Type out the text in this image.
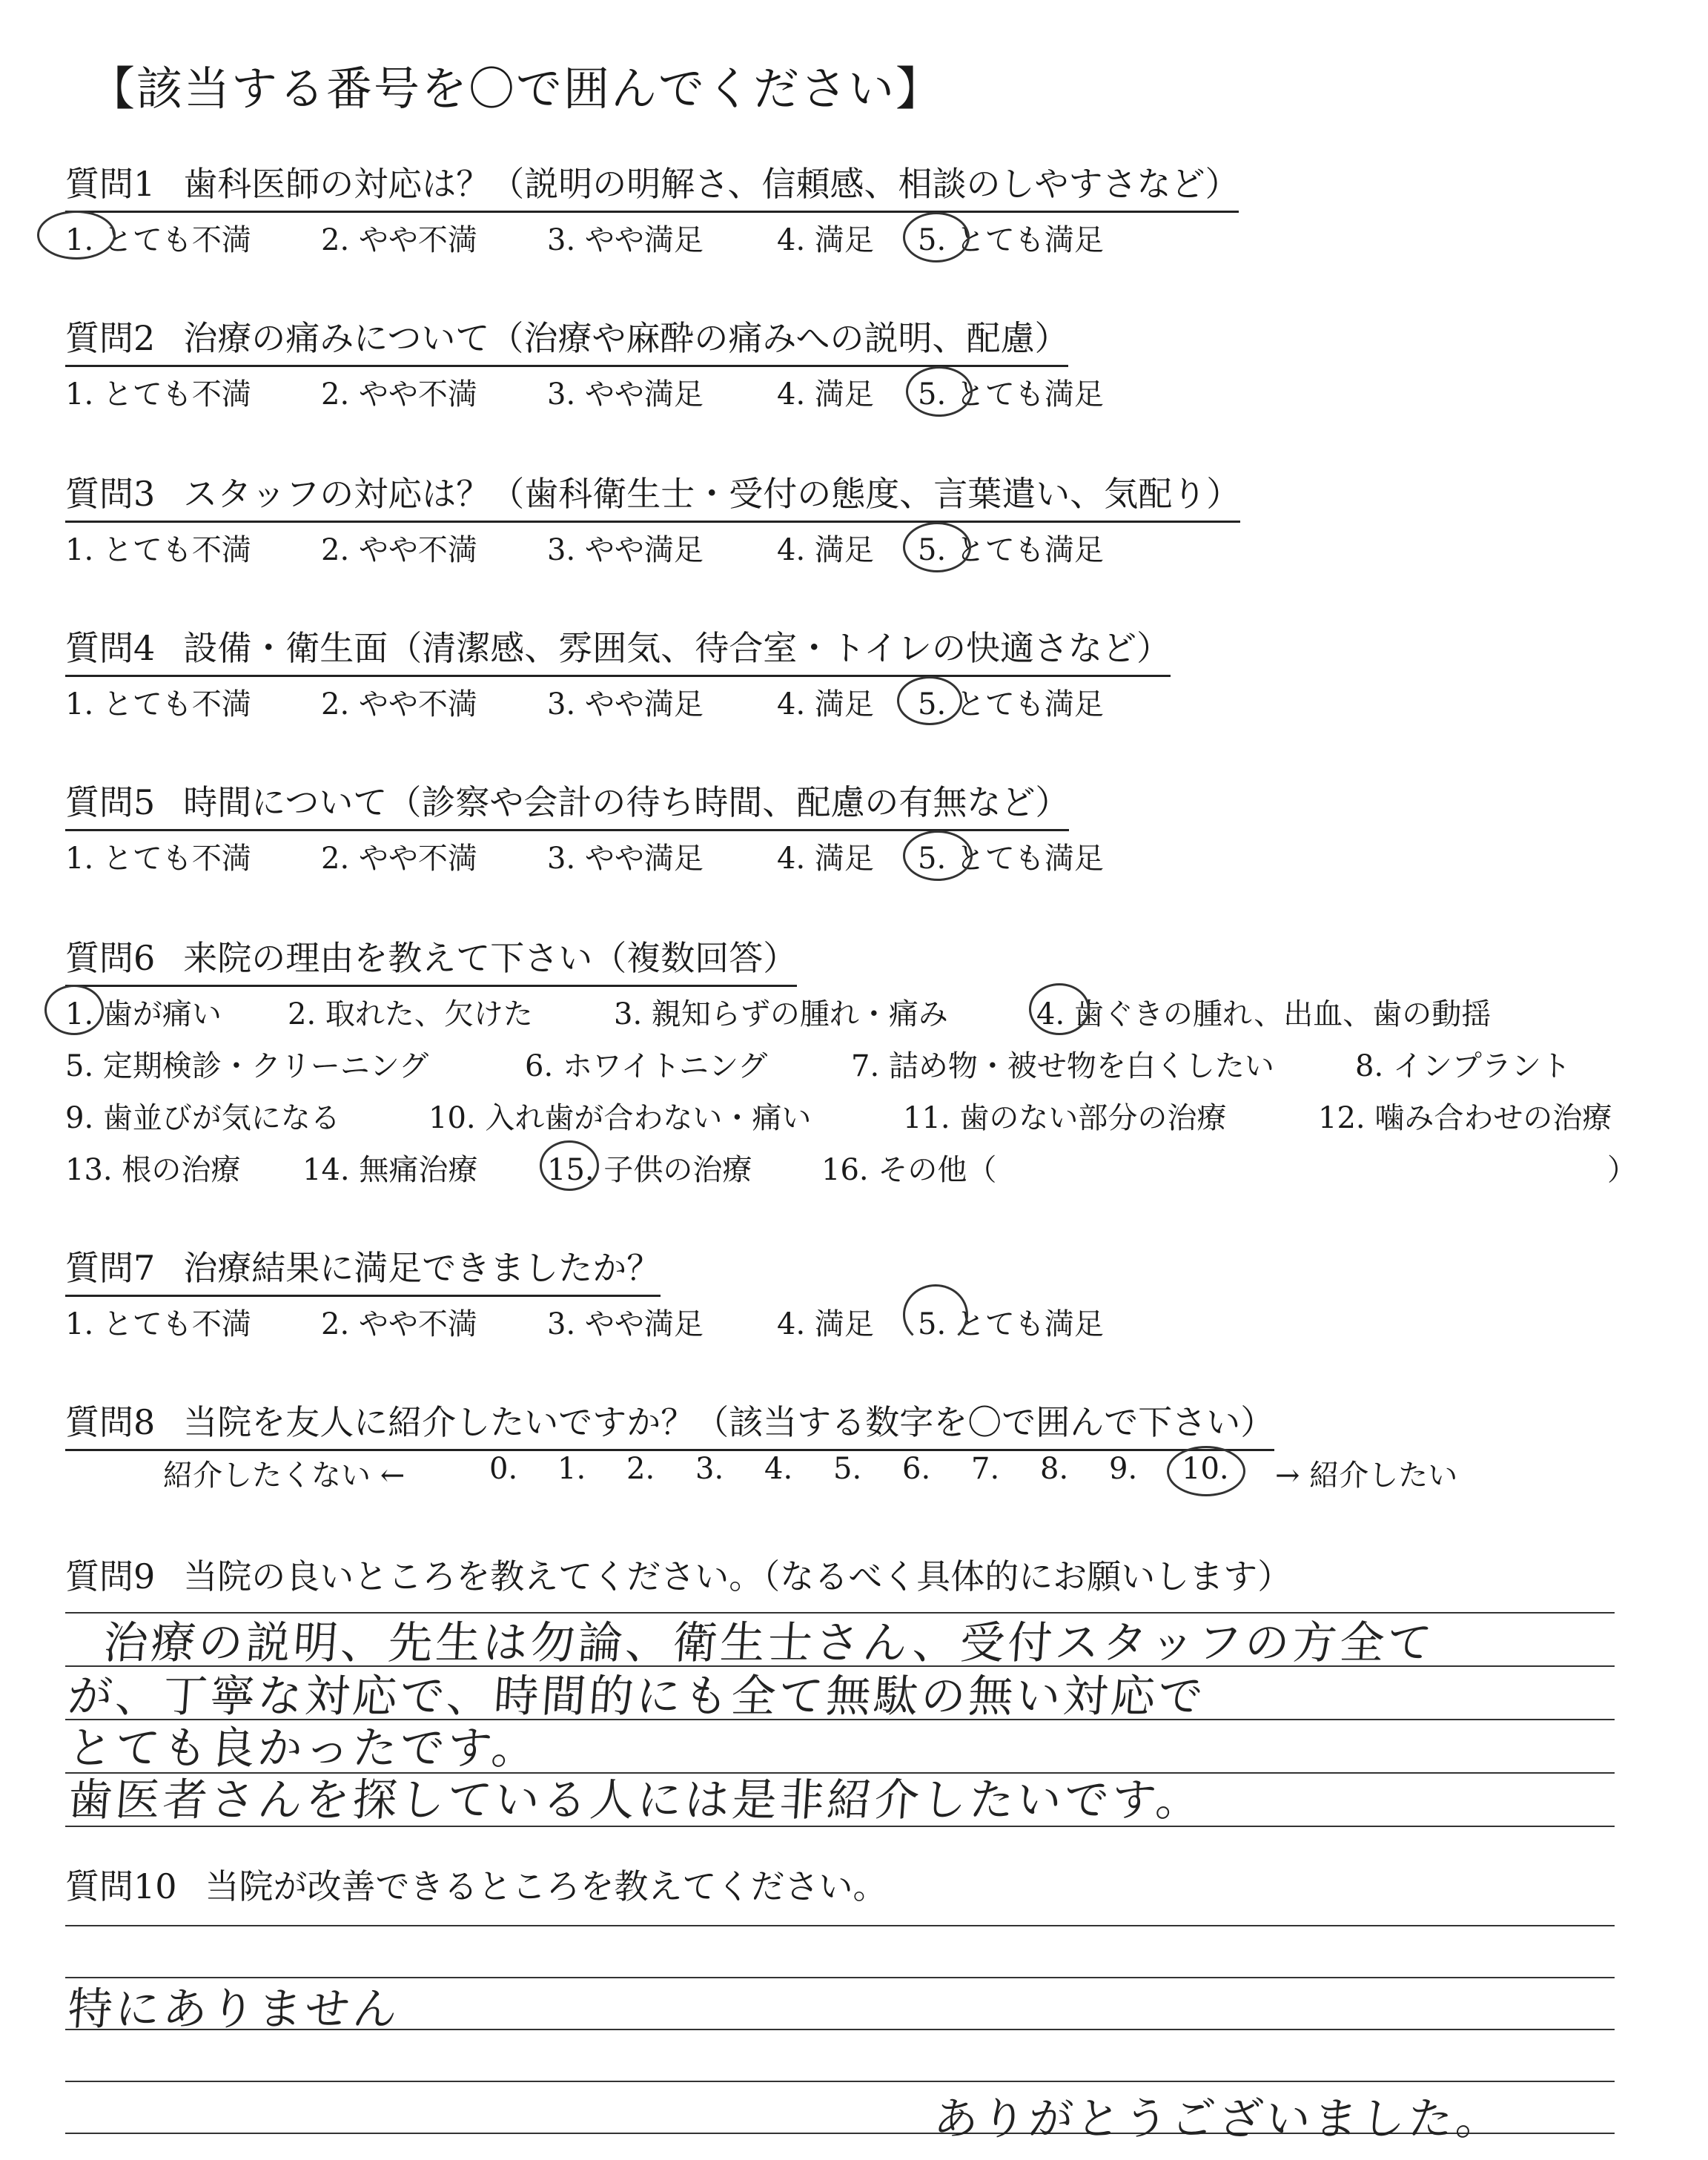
【該当する番号を〇で囲んでください】
質問1 歯科医師の対応は？（説明の明解さ、信頼感、相談のしやすさなど）
1. とても不満 2. やや不満 3. やや満足 4. 満足 5. とても満足
質問2 治療の痛みについて（治療や麻酔の痛みへの説明、配慮）
1. とても不満 2. やや不満 3. やや満足 4. 満足 5. とても満足
質問3 スタッフの対応は？（歯科衛生士・受付の態度、言葉遣い、気配り）
1. とても不満 2. やや不満 3. やや満足 4. 満足 5. とても満足
質問4 設備・衛生面（清潔感、雰囲気、待合室・トイレの快適さなど）
1. とても不満 2. やや不満 3. やや満足 4. 満足 5. とても満足
質問5 時間について（診察や会計の待ち時間、配慮の有無など）
1. とても不満 2. やや不満 3. やや満足 4. 満足 5. とても満足
質問6 来院の理由を教えて下さい（複数回答）
1. 歯が痛い 2. 取れた、欠けた	3. 親知らずの腫れ・痛み	4. 歯ぐきの腫れ、出血、歯の動揺
5. 定期検診・クリーニング	6. ホワイトニング	7. 詰め物・被せ物を白くしたい	8. インプラント
9. 歯並びが気になる	10. 入れ歯が合わない・痛い	11. 歯のない部分の治療	12. 噛み合わせの治療
13. 根の治療 14. 無痛治療 15. 子供の治療 16. その他（	）
質問7 治療結果に満足できましたか？
1. とても不満 2. やや不満 3. やや満足 4. 満足 5. とても満足
質問8 当院を友人に紹介したいですか？（該当する数字を〇で囲んで下さい）
紹介したくない ←	0. 1. 2. 3. 4. 5. 6. 7. 8. 9. 10. → 紹介したい
質問9 当院の良いところを教えてください。（なるべく具体的にお願いします）
治療の説明、先生は勿論、衛生士さん、受付スタッフの方全て
が、丁寧な対応で、時間的にも全て無駄の無い対応で
とても良かったです。
歯医者さんを探している人には是非紹介したいです。
質問10 当院が改善できるところを教えてください。
特にありません
ありがとうございました。
